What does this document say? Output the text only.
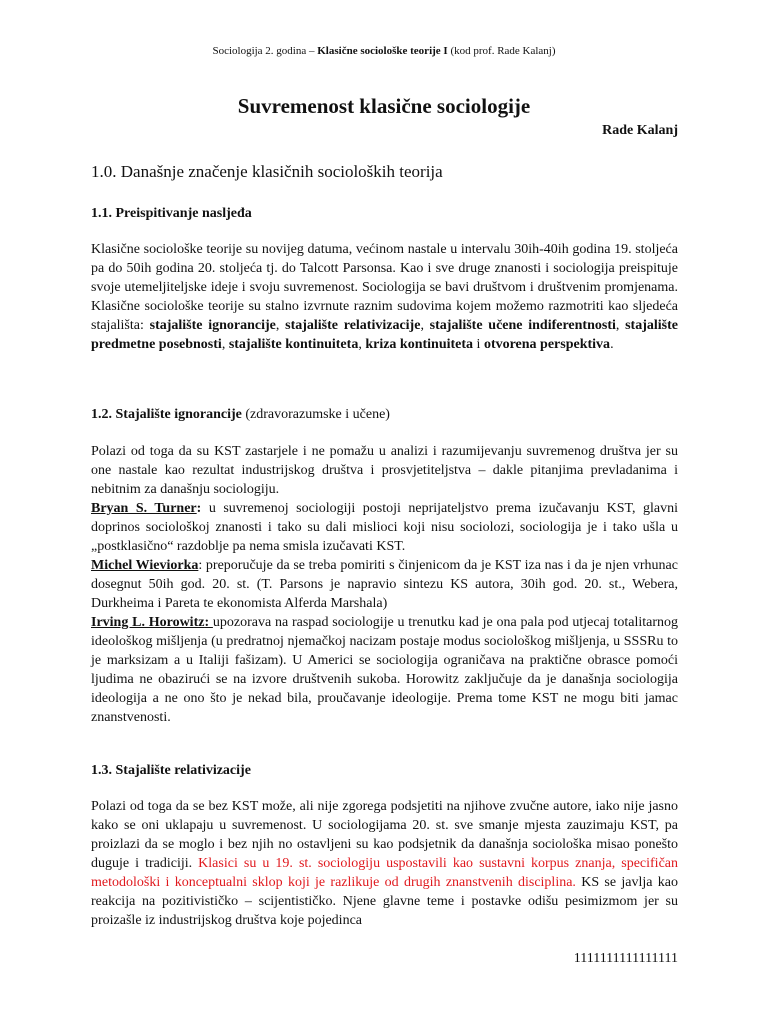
Sociologija 2. godina – Klasične sociološke teorije I (kod prof. Rade Kalanj)
Suvremenost klasične sociologije
Rade Kalanj
1.0. Današnje značenje klasičnih socioloških teorija
1.1. Preispitivanje nasljeđa

Klasične sociološke teorije su novijeg datuma, većinom nastale u intervalu 30ih-40ih godina 19. stoljeća pa do 50ih godina 20. stoljeća tj. do Talcott Parsonsa. Kao i sve druge znanosti i sociologija preispituje svoje utemeljiteljske ideje i svoju suvremenost. Sociologija se bavi društvom i društvenim promjenama. Klasične sociološke teorije su stalno izvrnute raznim sudovima kojem možemo razmotriti kao sljedeća stajališta: stajalište ignorancije, stajalište relativizacije, stajalište učene indiferentnosti, stajalište predmetne posebnosti, stajalište kontinuiteta, kriza kontinuiteta i otvorena perspektiva.

1.2. Stajalište ignorancije (zdravorazumske i učene)

Polazi od toga da su KST zastarjele i ne pomažu u analizi i razumijevanju suvremenog društva jer su one nastale kao rezultat industrijskog društva i prosvjetiteljstva – dakle pitanjima prevladanima i nebitnim za današnju sociologiju.
Bryan S. Turner: u suvremenoj sociologiji postoji neprijateljstvo prema izučavanju KST, glavni doprinos sociološkoj znanosti i tako su dali mislioci koji nisu sociolozi, sociologija je i tako ušla u „postklasično“ razdoblje pa nema smisla izučavati KST.
Michel Wieviorka: preporučuje da se treba pomiriti s činjenicom da je KST iza nas i da je njen vrhunac dosegnut 50ih god. 20. st. (T. Parsons je napravio sintezu KS autora, 30ih god. 20. st., Webera, Durkheima i Pareta te ekonomista Alferda Marshala)
Irving L. Horowitz: upozorava na raspad sociologije u trenutku kad je ona pala pod utjecaj totalitarnog ideološkog mišljenja (u predratnoj njemačkoj nacizam postaje modus sociološkog mišljenja, u SSSRu to je marksizam a u Italiji fašizam). U Americi se sociologija ograničava na praktične obrasce pomoći ljudima ne obazirući se na izvore društvenih sukoba. Horowitz zaključuje da je današnja sociologija ideologija a ne ono što je nekad bila, proučavanje ideologije. Prema tome KST ne mogu biti jamac znanstvenosti.

1.3. Stajalište relativizacije

Polazi od toga da se bez KST može, ali nije zgorega podsjetiti na njihove zvučne autore, iako nije jasno kako se oni uklapaju u suvremenost. U sociologijama 20. st. sve smanje mjesta zauzimaju KST, pa proizlazi da se moglo i bez njih no ostavljeni su kao podsjetnik da današnja sociološka misao ponešto duguje i tradiciji. Klasici su u 19. st. sociologiju uspostavili kao sustavni korpus znanja, specifičan metodološki i konceptualni sklop koji je razlikuje od drugih znanstvenih disciplina. KS se javlja kao reakcija na pozitivističko – scijentističko. Njene glavne teme i postavke odišu pesimizmom jer su proizašle iz industrijskog društva koje pojedinca

1111111111111111
